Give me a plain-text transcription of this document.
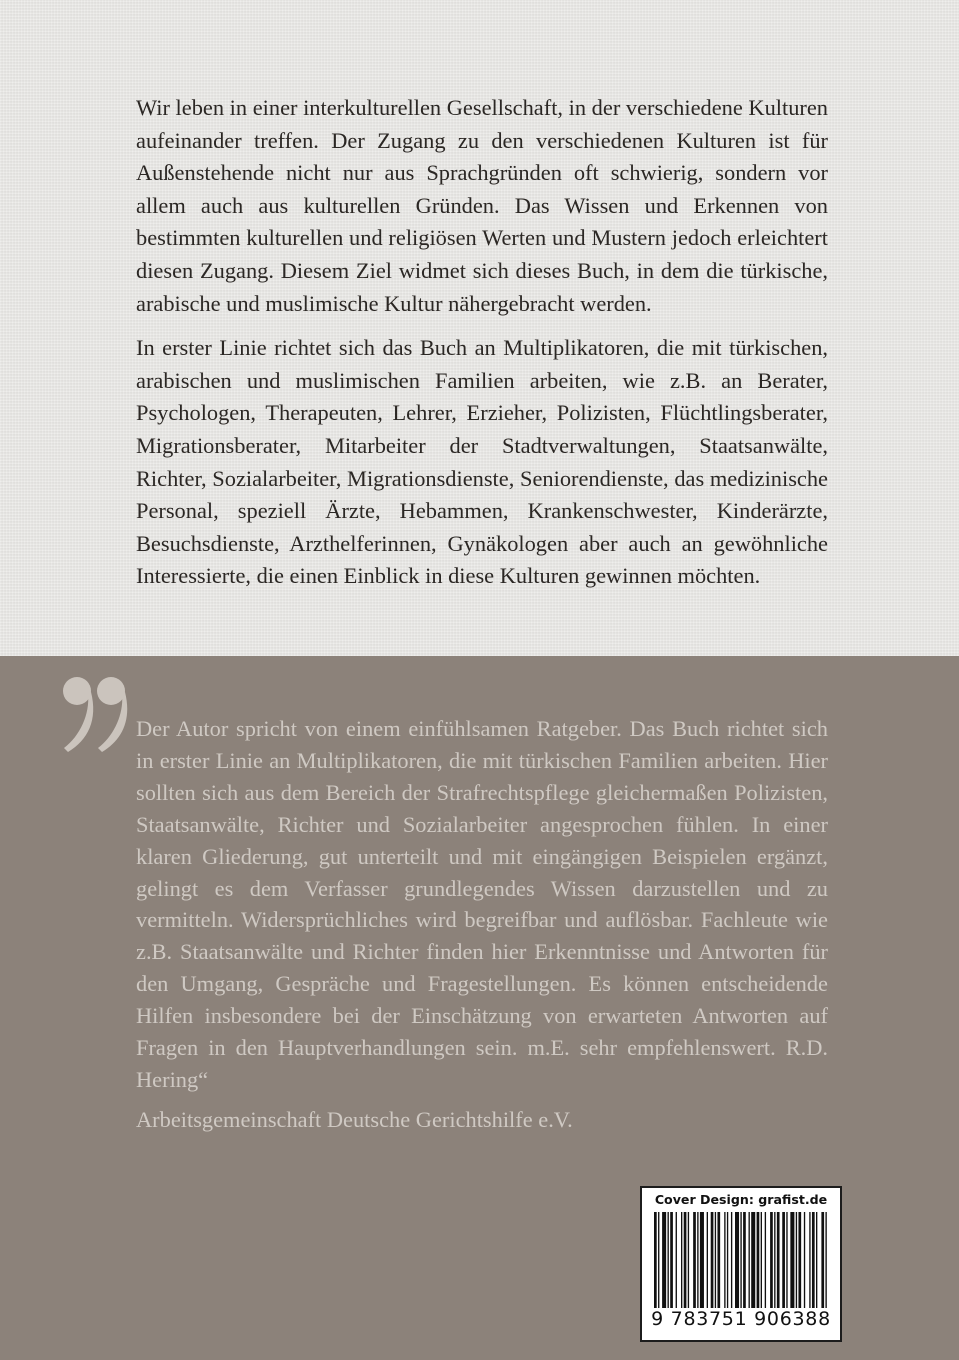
Wir leben in einer interkulturellen Gesellschaft, in der verschiedene Kulturen aufeinander treffen. Der Zugang zu den verschiedenen Kulturen ist für Außenstehende nicht nur aus Sprachgründen oft schwierig, sondern vor allem auch aus kulturellen Gründen. Das Wissen und Erkennen von bestimmten kulturellen und religiösen Werten und Mustern jedoch erleichtert diesen Zugang. Diesem Ziel widmet sich dieses Buch, in dem die türkische, arabische und muslimische Kultur nähergebracht werden.

In erster Linie richtet sich das Buch an Multiplikatoren, die mit türkischen, arabischen und muslimischen Familien arbeiten, wie z.B. an Berater, Psychologen, Therapeuten, Lehrer, Erzieher, Polizisten, Flüchtlingsberater, Migrationsberater, Mitarbeiter der Stadtverwaltungen, Staatsanwälte, Richter, Sozialarbeiter, Migrationsdienste, Seniorendienste, das medizinische Personal, speziell Ärzte, Hebammen, Krankenschwester, Kinderärzte, Besuchsdienste, Arzthelferinnen, Gynäkologen aber auch an gewöhnliche Interessierte, die einen Einblick in diese Kulturen gewinnen möchten.

Der Autor spricht von einem einfühlsamen Ratgeber. Das Buch richtet sich in erster Linie an Multiplikatoren, die mit türkischen Familien arbeiten. Hier sollten sich aus dem Bereich der Strafrechtspflege gleichermaßen Polizisten, Staatsanwälte, Richter und Sozialarbeiter angesprochen fühlen. In einer klaren Gliederung, gut unterteilt und mit eingängigen Beispielen ergänzt, gelingt es dem Verfasser grundlegendes Wissen darzustellen und zu vermitteln. Widersprüchliches wird begreifbar und auflösbar. Fachleute wie z.B. Staatsanwälte und Richter finden hier Erkenntnisse und Antworten für den Umgang, Gespräche und Fragestellungen. Es können entscheidende Hilfen insbesondere bei der Einschätzung von erwarteten Antworten auf Fragen in den Hauptverhandlungen sein. m.E. sehr empfehlenswert. R.D. Hering“

Arbeitsgemeinschaft Deutsche Gerichtshilfe e.V.

Cover Design: grafist.de
9 783751 906388
